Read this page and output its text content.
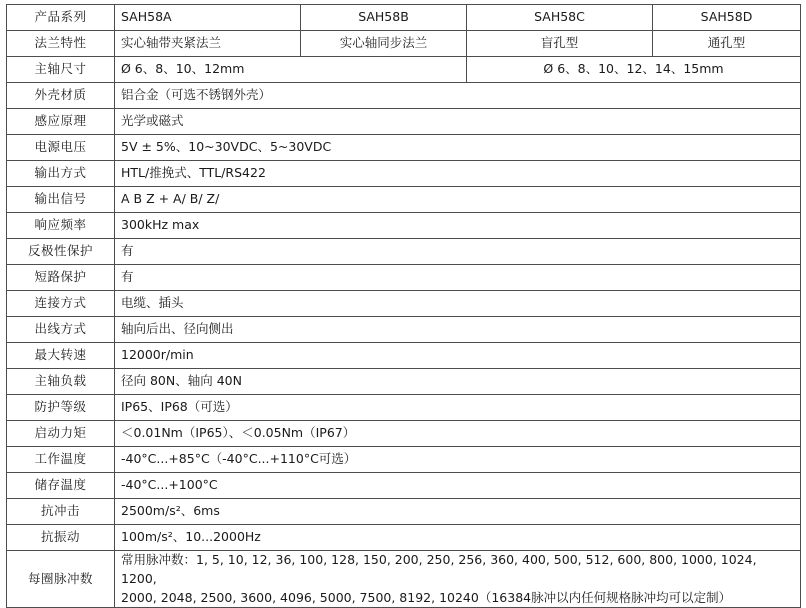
产品系列	SAH58A	SAH58B	SAH58C	SAH58D
法兰特性	实心轴带夹紧法兰	实心轴同步法兰	盲孔型	通孔型
主轴尺寸	Ø 6、8、10、12mm		Ø 6、8、10、12、14、15mm	
外壳材质	铝合金（可选不锈钢外壳）			
感应原理	光学或磁式			
电源电压	5V ± 5%、10~30VDC、5~30VDC			
输出方式	HTL/推挽式、TTL/RS422			
输出信号	A B Z + A/ B/ Z/			
响应频率	300kHz max			
反极性保护	有			
短路保护	有			
连接方式	电缆、插头			
出线方式	轴向后出、径向侧出			
最大转速	12000r/min			
主轴负载	径向 80N、轴向 40N			
防护等级	IP65、IP68（可选）			
启动力矩	＜0.01Nm（IP65）、＜0.05Nm（IP67）			
工作温度	-40°C...+85°C（-40°C...+110°C可选）			
储存温度	-40°C...+100°C			
抗冲击	2500m/s²、6ms			
抗振动	100m/s²、10...2000Hz			
每圈脉冲数	常用脉冲数：1, 5, 10, 12, 36, 100, 128, 150, 200, 250, 256, 360, 400, 500, 512, 600, 800, 1000, 1024, 1200,
2000, 2048, 2500, 3600, 4096, 5000, 7500, 8192, 10240（16384脉冲以内任何规格脉冲均可以定制）			
